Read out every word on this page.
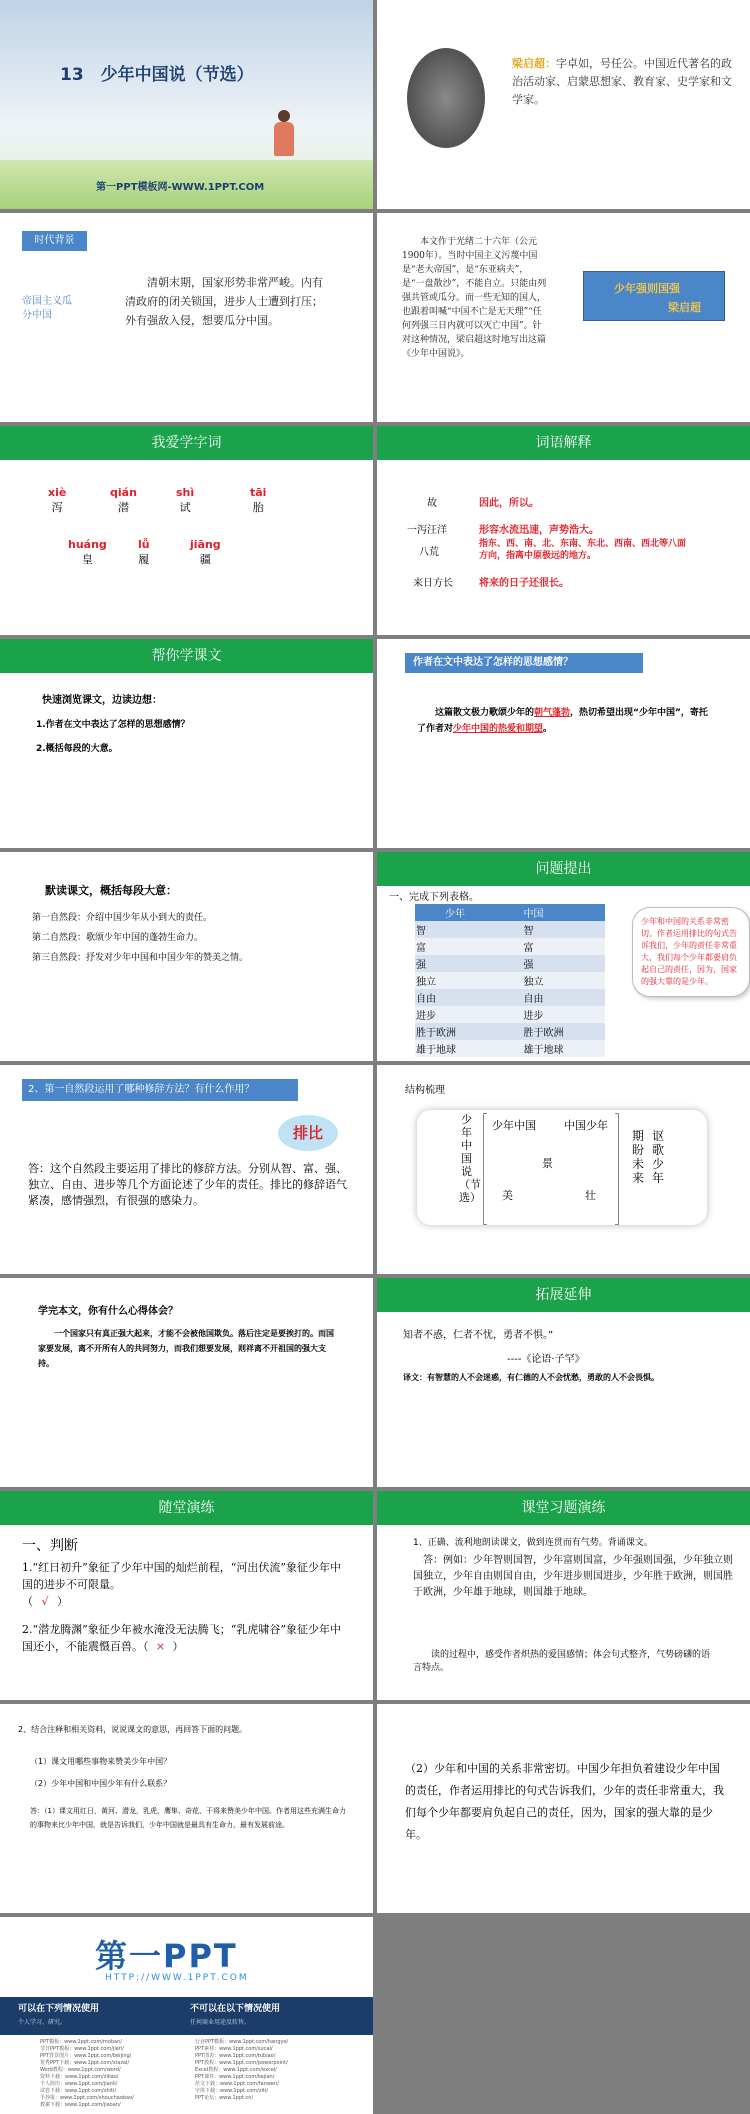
13　少年中国说（节选）
第一PPT模板网-WWW.1PPT.COM
梁启超：字卓如，号任公。中国近代著名的政治活动家、启蒙思想家、教育家、史学家和文学家。
时代背景
帝国主义瓜分中国
清朝末期，国家形势非常严峻。内有清政府的闭关锁国，进步人士遭到打压；外有强敌入侵，想要瓜分中国。
本文作于光绪二十六年（公元1900年）。当时中国主义污蔑中国是“老大帝国”，是“东亚病夫”，是“一盘散沙”，不能自立。只能由列强共管或瓜分。而一些无知的国人，也跟着叫喊“中国不亡是无天理”“任何列强三日内就可以灭亡中国”。针对这种情况，梁启超这时地写出这篇《少年中国说》。
少年强则国强
梁启超
我爱学字词
xiè
泻
qián
潜
shì
试
tāi
胎
huáng
皇
lǚ
履
jiāng
疆
词语解释
故	因此，所以。
一泻汪洋	形容水流迅速，声势浩大。
八荒
指东、西、南、北、东南、东北、西南、西北等八面方向，指离中原极远的地方。
来日方长	将来的日子还很长。
帮你学课文
快速浏览课文，边读边想：
1.作者在文中表达了怎样的思想感情？
2.概括每段的大意。
作者在文中表达了怎样的思想感情？
这篇散文极力歌颂少年的朝气蓬勃，热切希望出现“少年中国”，寄托了作者对少年中国的热爱和期望。
默读课文，概括每段大意：
第一自然段：介绍中国少年从小到大的责任。
第二自然段：歌颂少年中国的蓬勃生命力。
第三自然段：抒发对少年中国和中国少年的赞美之情。
问题提出
一、完成下列表格。
少年	中国
智	智
富	富
强	强
独立	独立
自由	自由
进步	进步
胜于欧洲	胜于欧洲
雄于地球	雄于地球
少年和中国的关系非常密切。作者运用排比的句式告诉我们，少年的责任非常重大，我们每个少年都要肩负起自己的责任，因为，国家的强大靠的是少年。
2、第一自然段运用了哪种修辞方法？有什么作用？
排比
答：这个自然段主要运用了排比的修辞方法。分别从智、富、强、独立、自由、进步等几个方面论述了少年的责任。排比的修辞语气紧凑，感情强烈，有很强的感染力。
结构梳理
少年中国说（节选）
少年中国	中国少年
景
美	壮
期盼未来
讴歌少年
学完本文，你有什么心得体会？
一个国家只有真正强大起来，才能不会被他国欺负。落后注定是要挨打的。而国家要发展，离不开所有人的共同努力，而我们想要发展，则祥离不开祖国的强大支持。
拓展延伸
知者不惑，仁者不忧，勇者不惧。”
----《论语·子罕》
译文：有智慧的人不会迷惑，有仁德的人不会忧愁，勇敢的人不会畏惧。
随堂演练
一、判断
1.“红日初升”象征了少年中国的灿烂前程，“河出伏流”象征少年中国的进步不可限量。
（ √ ）
2.“潜龙腾渊”象征少年被水淹没无法腾飞；“乳虎啸谷”象征少年中国还小，不能震慑百兽。（ × ）
课堂习题演练
1、正确、流利地朗读课文，做到连贯而有气势。背诵课文。
答：例如：少年智则国智，少年富则国富，少年强则国强，少年独立则国独立，少年自由则国自由，少年进步则国进步，少年胜于欧洲，则国胜于欧洲，少年雄于地球，则国雄于地球。
读的过程中，感受作者炽热的爱国感情；体会句式整齐，气势磅礴的语言特点。
2、结合注释和相关资料，说说课文的意思，再回答下面的问题。
（1）课文用哪些事物来赞美少年中国？
（2）少年中国和中国少年有什么联系？
答：（1）课文用红日，黄河、潜龙，乳虎，鹰隼、奇花、干将来赞美少年中国。作者用这些充满生命力的事物来比少年中国，就是告诉我们，少年中国就是最具有生命力，最有发展前途。
（2）少年和中国的关系非常密切。中国少年担负着建设少年中国的责任，作者运用排比的句式告诉我们，少年的责任非常重大，我们每个少年都要肩负起自己的责任，因为，国家的强大靠的是少年。
第一PPT
HTTP://WWW.1PPT.COM
可以在下列情况使用	不可以在以下情况使用
个人学习、研究。	任何商业用途及转售。
PPT模板：www.1ppt.com/moban/
节日PPT模板：www.1ppt.com/jieri/
PPT背景图片：www.1ppt.com/beijing/
优秀PPT下载：www.1ppt.com/xiazai/
Word教程：www.1ppt.com/word/
资料下载：www.1ppt.com/ziliao/
个人简历：www.1ppt.com/jianli/
试卷下载：www.1ppt.com/shiti/
手抄报：www.1ppt.com/shouchaobao/
教案下载：www.1ppt.com/jiaoan/
行业PPT模板：www.1ppt.com/hangye/
PPT素材：www.1ppt.com/sucai/
PPT图表：www.1ppt.com/tubiao/
PPT教程：www.1ppt.com/powerpoint/
Excel教程：www.1ppt.com/excel/
PPT课件：www.1ppt.com/kejian/
范文下载：www.1ppt.com/fanwen/
字体下载：www.1ppt.com/ziti/
PPT论坛：www.1ppt.cn/
